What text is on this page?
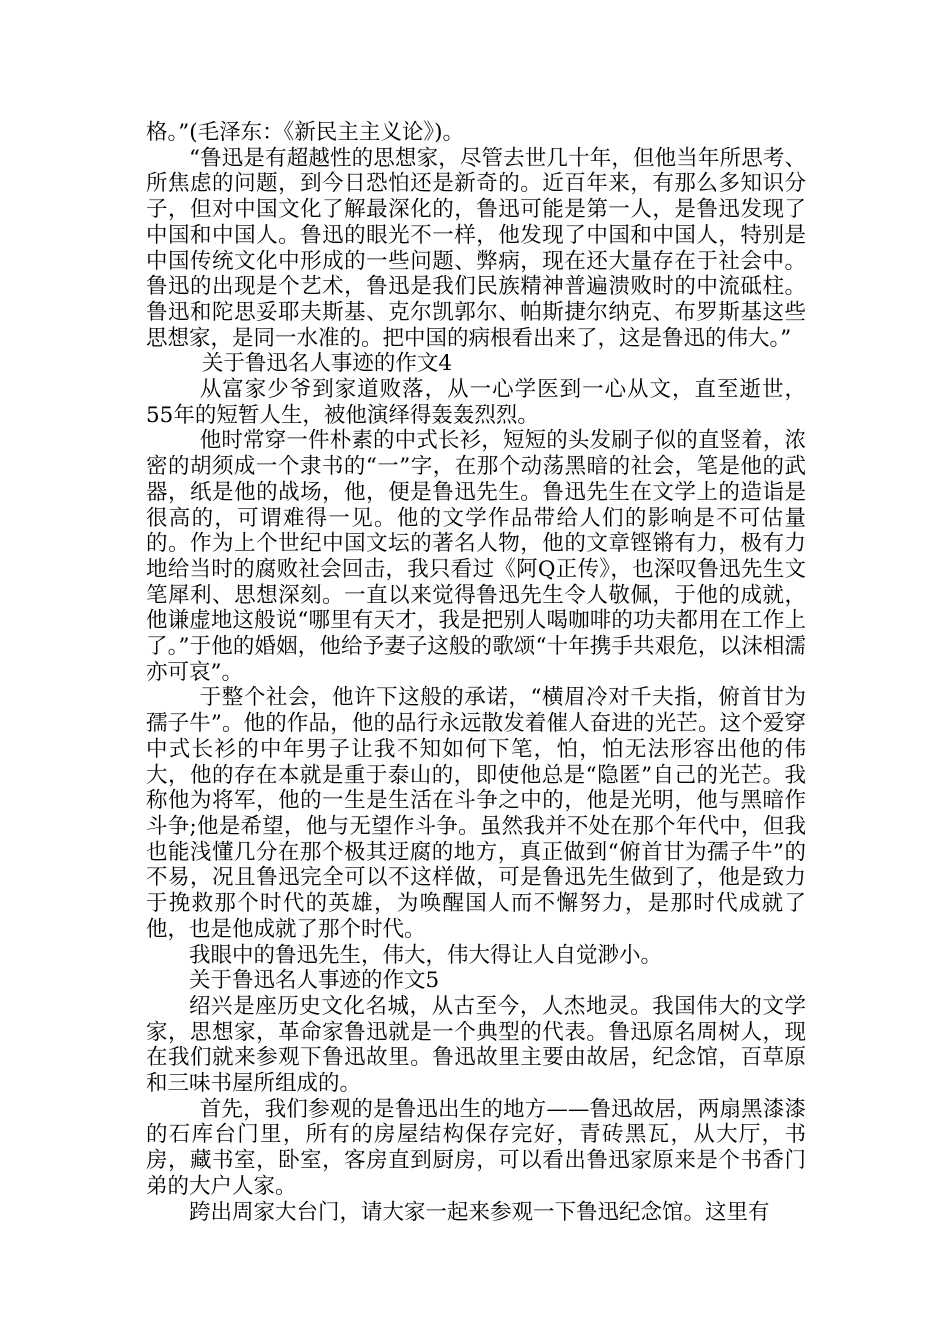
格。”(毛泽东：《新民主主义论》)。

“鲁迅是有超越性的思想家，尽管去世几十年，但他当年所思考、所焦虑的问题，到今日恐怕还是新奇的。近百年来，有那么多知识分子，但对中国文化了解最深化的，鲁迅可能是第一人，是鲁迅发现了中国和中国人。鲁迅的眼光不一样，他发现了中国和中国人，特别是中国传统文化中形成的一些问题、弊病，现在还大量存在于社会中。鲁迅的出现是个艺术，鲁迅是我们民族精神普遍溃败时的中流砥柱。鲁迅和陀思妥耶夫斯基、克尔凯郭尔、帕斯捷尔纳克、布罗斯基这些思想家，是同一水准的。把中国的病根看出来了，这是鲁迅的伟大。”

关于鲁迅名人事迹的作文4

从富家少爷到家道败落，从一心学医到一心从文，直至逝世，55年的短暂人生，被他演绎得轰轰烈烈。

他时常穿一件朴素的中式长衫，短短的头发刷子似的直竖着，浓密的胡须成一个隶书的“一”字，在那个动荡黑暗的社会，笔是他的武器，纸是他的战场，他，便是鲁迅先生。鲁迅先生在文学上的造诣是很高的，可谓难得一见。他的文学作品带给人们的影响是不可估量的。作为上个世纪中国文坛的著名人物，他的文章铿锵有力，极有力地给当时的腐败社会回击，我只看过《阿Q正传》，也深叹鲁迅先生文笔犀利、思想深刻。一直以来觉得鲁迅先生令人敬佩，于他的成就，他谦虚地这般说“哪里有天才，我是把别人喝咖啡的功夫都用在工作上了。”于他的婚姻，他给予妻子这般的歌颂“十年携手共艰危，以沫相濡亦可哀”。

于整个社会，他许下这般的承诺，“横眉冷对千夫指，俯首甘为孺子牛”。他的作品，他的品行永远散发着催人奋进的光芒。这个爱穿中式长衫的中年男子让我不知如何下笔，怕，怕无法形容出他的伟大，他的存在本就是重于泰山的，即使他总是“隐匿”自己的光芒。我称他为将军，他的一生是生活在斗争之中的，他是光明，他与黑暗作斗争;他是希望，他与无望作斗争。虽然我并不处在那个年代中，但我也能浅懂几分在那个极其迂腐的地方，真正做到“俯首甘为孺子牛”的不易，况且鲁迅完全可以不这样做，可是鲁迅先生做到了，他是致力于挽救那个时代的英雄，为唤醒国人而不懈努力，是那时代成就了他，也是他成就了那个时代。

我眼中的鲁迅先生，伟大，伟大得让人自觉渺小。

关于鲁迅名人事迹的作文5

绍兴是座历史文化名城，从古至今，人杰地灵。我国伟大的文学家，思想家，革命家鲁迅就是一个典型的代表。鲁迅原名周树人，现在我们就来参观下鲁迅故里。鲁迅故里主要由故居，纪念馆，百草原和三味书屋所组成的。

首先，我们参观的是鲁迅出生的地方——鲁迅故居，两扇黑漆漆的石库台门里，所有的房屋结构保存完好，青砖黑瓦，从大厅，书房，藏书室，卧室，客房直到厨房，可以看出鲁迅家原来是个书香门弟的大户人家。

跨出周家大台门，请大家一起来参观一下鲁迅纪念馆。这里有
